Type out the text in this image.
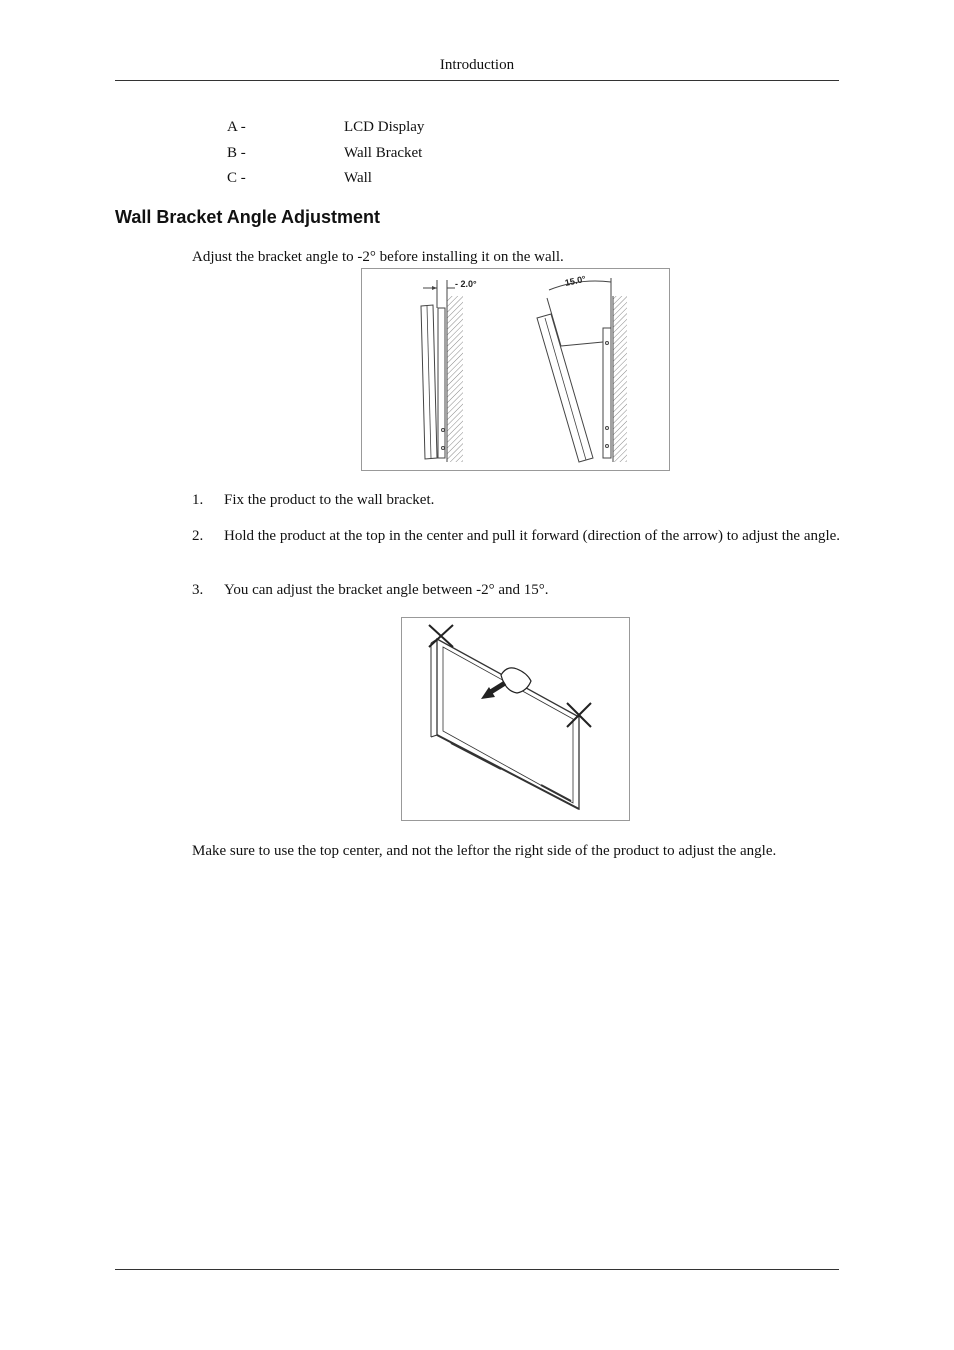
Introduction
A -	LCD Display
B -	Wall Bracket
C -	Wall
Wall Bracket Angle Adjustment

Adjust the bracket angle to -2° before installing it on the wall.

- 2.0°	15.0°
1. Fix the product to the wall bracket.
2. Hold the product at the top in the center and pull it forward (direction of the arrow) to adjust the angle.
3. You can adjust the bracket angle between -2° and 15°.

Make sure to use the top center, and not the leftor the right side of the product to adjust the angle.
